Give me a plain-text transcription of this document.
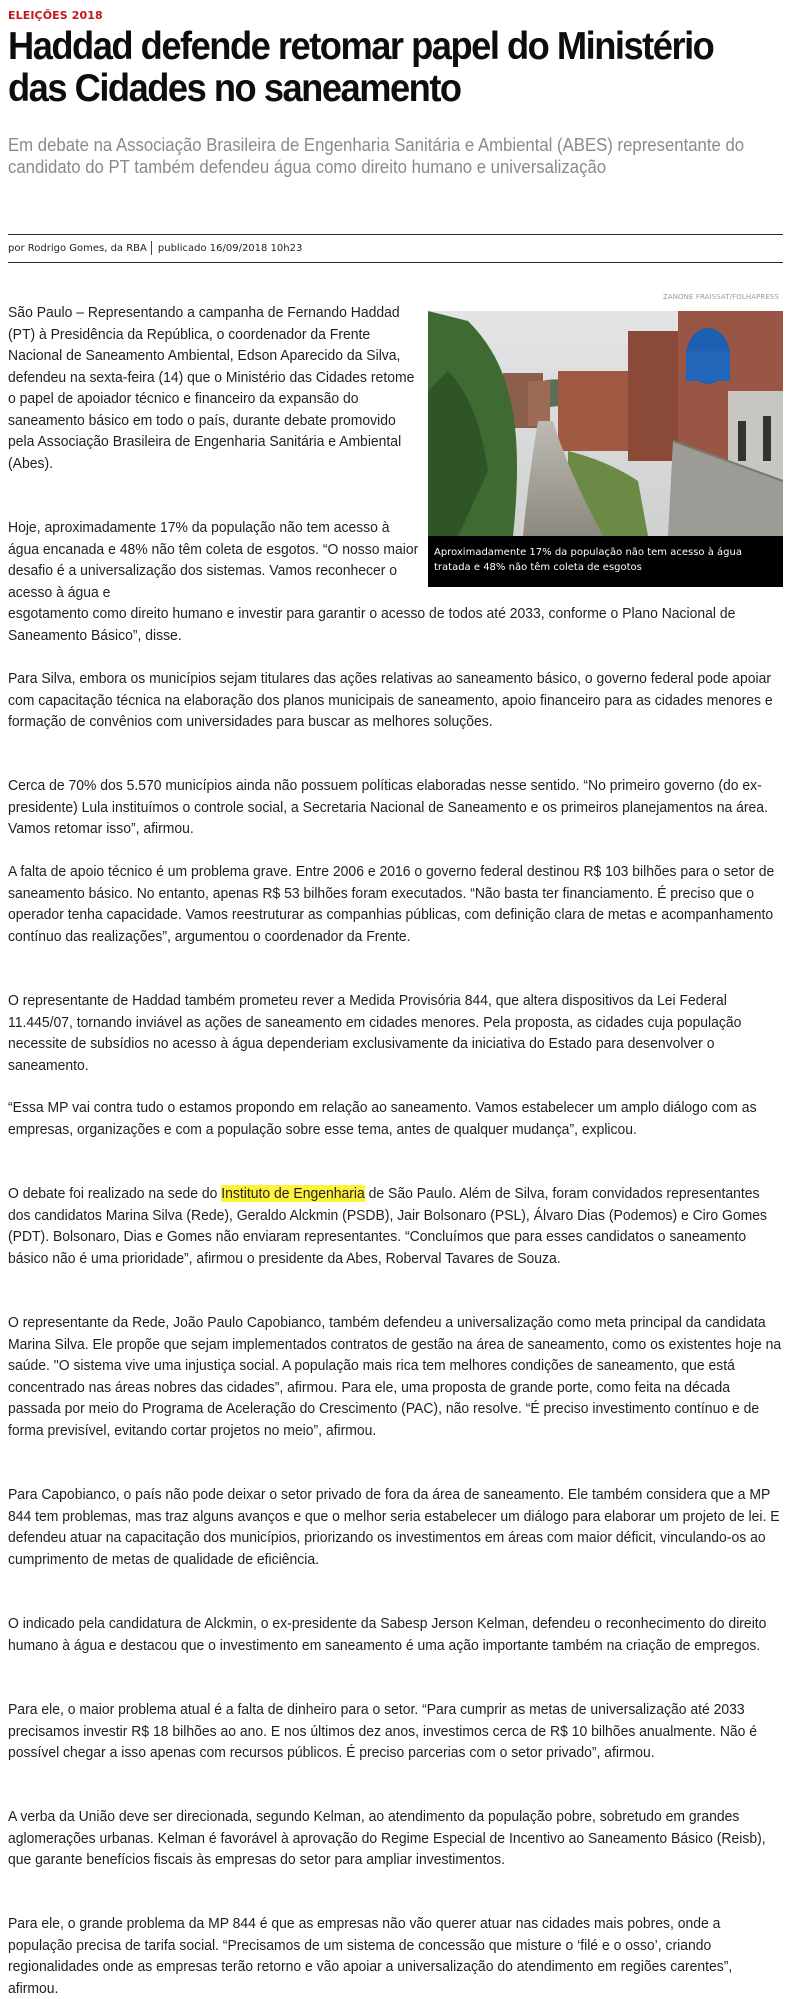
ELEIÇÕES 2018
Haddad defende retomar papel do Ministério das Cidades no saneamento

Em debate na Associação Brasileira de Engenharia Sanitária e Ambiental (ABES) representante do candidato do PT também defendeu água como direito humano e universalização

por Rodrigo Gomes, da RBA publicado 16/09/2018 10h23
ZANONE FRAISSAT/FOLHAPRESS
Aproximadamente 17% da população não tem acesso à água tratada e 48% não têm coleta de esgotos

São Paulo – Representando a campanha de Fernando Haddad (PT) à Presidência da República, o coordenador da Frente Nacional de Saneamento Ambiental, Edson Aparecido da Silva, defendeu na sexta-feira (14) que o Ministério das Cidades retome o papel de apoiador técnico e financeiro da expansão do saneamento básico em todo o país, durante debate promovido pela Associação Brasileira de Engenharia Sanitária e Ambiental (Abes).

Hoje, aproximadamente 17% da população não tem acesso à água encanada e 48% não têm coleta de esgotos. “O nosso maior desafio é a universalização dos sistemas. Vamos reconhecer o acesso à água e

esgotamento como direito humano e investir para garantir o acesso de todos até 2033, conforme o Plano Nacional de Saneamento Básico”, disse.

Para Silva, embora os municípios sejam titulares das ações relativas ao saneamento básico, o governo federal pode apoiar com capacitação técnica na elaboração dos planos municipais de saneamento, apoio financeiro para as cidades menores e formação de convênios com universidades para buscar as melhores soluções.

Cerca de 70% dos 5.570 municípios ainda não possuem políticas elaboradas nesse sentido. “No primeiro governo (do ex-presidente) Lula instituímos o controle social, a Secretaria Nacional de Saneamento e os primeiros planejamentos na área. Vamos retomar isso”, afirmou.

A falta de apoio técnico é um problema grave. Entre 2006 e 2016 o governo federal destinou R$ 103 bilhões para o setor de saneamento básico. No entanto, apenas R$ 53 bilhões foram executados. “Não basta ter financiamento. É preciso que o operador tenha capacidade. Vamos reestruturar as companhias públicas, com definição clara de metas e acompanhamento contínuo das realizações”, argumentou o coordenador da Frente.

O representante de Haddad também prometeu rever a Medida Provisória 844, que altera dispositivos da Lei Federal 11.445/07, tornando inviável as ações de saneamento em cidades menores. Pela proposta, as cidades cuja população necessite de subsídios no acesso à água dependeriam exclusivamente da iniciativa do Estado para desenvolver o saneamento.

“Essa MP vai contra tudo o estamos propondo em relação ao saneamento. Vamos estabelecer um amplo diálogo com as empresas, organizações e com a população sobre esse tema, antes de qualquer mudança”, explicou.

O debate foi realizado na sede do Instituto de Engenharia de São Paulo. Além de Silva, foram convidados representantes dos candidatos Marina Silva (Rede), Geraldo Alckmin (PSDB), Jair Bolsonaro (PSL), Álvaro Dias (Podemos) e Ciro Gomes (PDT). Bolsonaro, Dias e Gomes não enviaram representantes. “Concluímos que para esses candidatos o saneamento básico não é uma prioridade”, afirmou o presidente da Abes, Roberval Tavares de Souza.

O representante da Rede, João Paulo Capobianco, também defendeu a universalização como meta principal da candidata Marina Silva. Ele propõe que sejam implementados contratos de gestão na área de saneamento, como os existentes hoje na saúde. "O sistema vive uma injustiça social. A população mais rica tem melhores condições de saneamento, que está concentrado nas áreas nobres das cidades”, afirmou. Para ele, uma proposta de grande porte, como feita na década passada por meio do Programa de Aceleração do Crescimento (PAC), não resolve. “É preciso investimento contínuo e de forma previsível, evitando cortar projetos no meio”, afirmou.

Para Capobianco, o país não pode deixar o setor privado de fora da área de saneamento. Ele também considera que a MP 844 tem problemas, mas traz alguns avanços e que o melhor seria estabelecer um diálogo para elaborar um projeto de lei. E defendeu atuar na capacitação dos municípios, priorizando os investimentos em áreas com maior déficit, vinculando-os ao cumprimento de metas de qualidade de eficiência.

O indicado pela candidatura de Alckmin, o ex-presidente da Sabesp Jerson Kelman, defendeu o reconhecimento do direito humano à água e destacou que o investimento em saneamento é uma ação importante também na criação de empregos.

Para ele, o maior problema atual é a falta de dinheiro para o setor. “Para cumprir as metas de universalização até 2033 precisamos investir R$ 18 bilhões ao ano. E nos últimos dez anos, investimos cerca de R$ 10 bilhões anualmente. Não é possível chegar a isso apenas com recursos públicos. É preciso parcerias com o setor privado”, afirmou.

A verba da União deve ser direcionada, segundo Kelman, ao atendimento da população pobre, sobretudo em grandes aglomerações urbanas. Kelman é favorável à aprovação do Regime Especial de Incentivo ao Saneamento Básico (Reisb), que garante benefícios fiscais às empresas do setor para ampliar investimentos.

Para ele, o grande problema da MP 844 é que as empresas não vão querer atuar nas cidades mais pobres, onde a população precisa de tarifa social. “Precisamos de um sistema de concessão que misture o ‘filé e o osso’, criando regionalidades onde as empresas terão retorno e vão apoiar a universalização do atendimento em regiões carentes”, afirmou.
